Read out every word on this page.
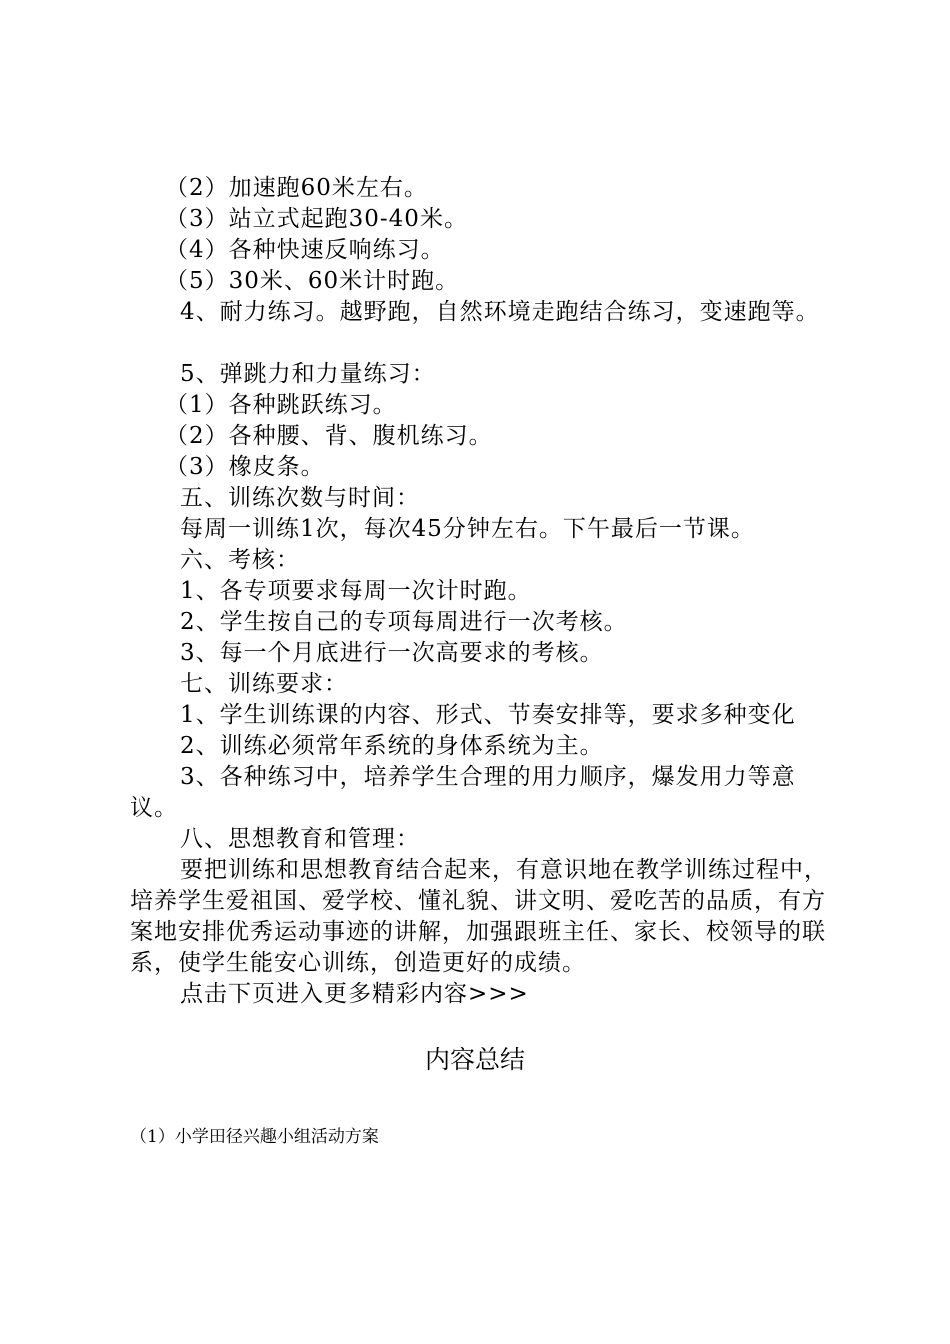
（2）加速跑60米左右。

（3）站立式起跑30-40米。

（4）各种快速反响练习。

（5）30米、60米计时跑。

4、耐力练习。越野跑，自然环境走跑结合练习，变速跑等。

5、弹跳力和力量练习：

（1）各种跳跃练习。

（2）各种腰、背、腹机练习。

（3）橡皮条。

五、训练次数与时间：

每周一训练1次，每次45分钟左右。下午最后一节课。

六、考核：

1、各专项要求每周一次计时跑。

2、学生按自己的专项每周进行一次考核。

3、每一个月底进行一次高要求的考核。

七、训练要求：

1、学生训练课的内容、形式、节奏安排等，要求多种变化

2、训练必须常年系统的身体系统为主。

3、各种练习中，培养学生合理的用力顺序，爆发用力等意议。

八、思想教育和管理：

要把训练和思想教育结合起来，有意识地在教学训练过程中，培养学生爱祖国、爱学校、懂礼貌、讲文明、爱吃苦的品质，有方案地安排优秀运动事迹的讲解，加强跟班主任、家长、校领导的联系，使学生能安心训练，创造更好的成绩。

点击下页进入更多精彩内容>>>

内容总结
（1）小学田径兴趣小组活动方案
